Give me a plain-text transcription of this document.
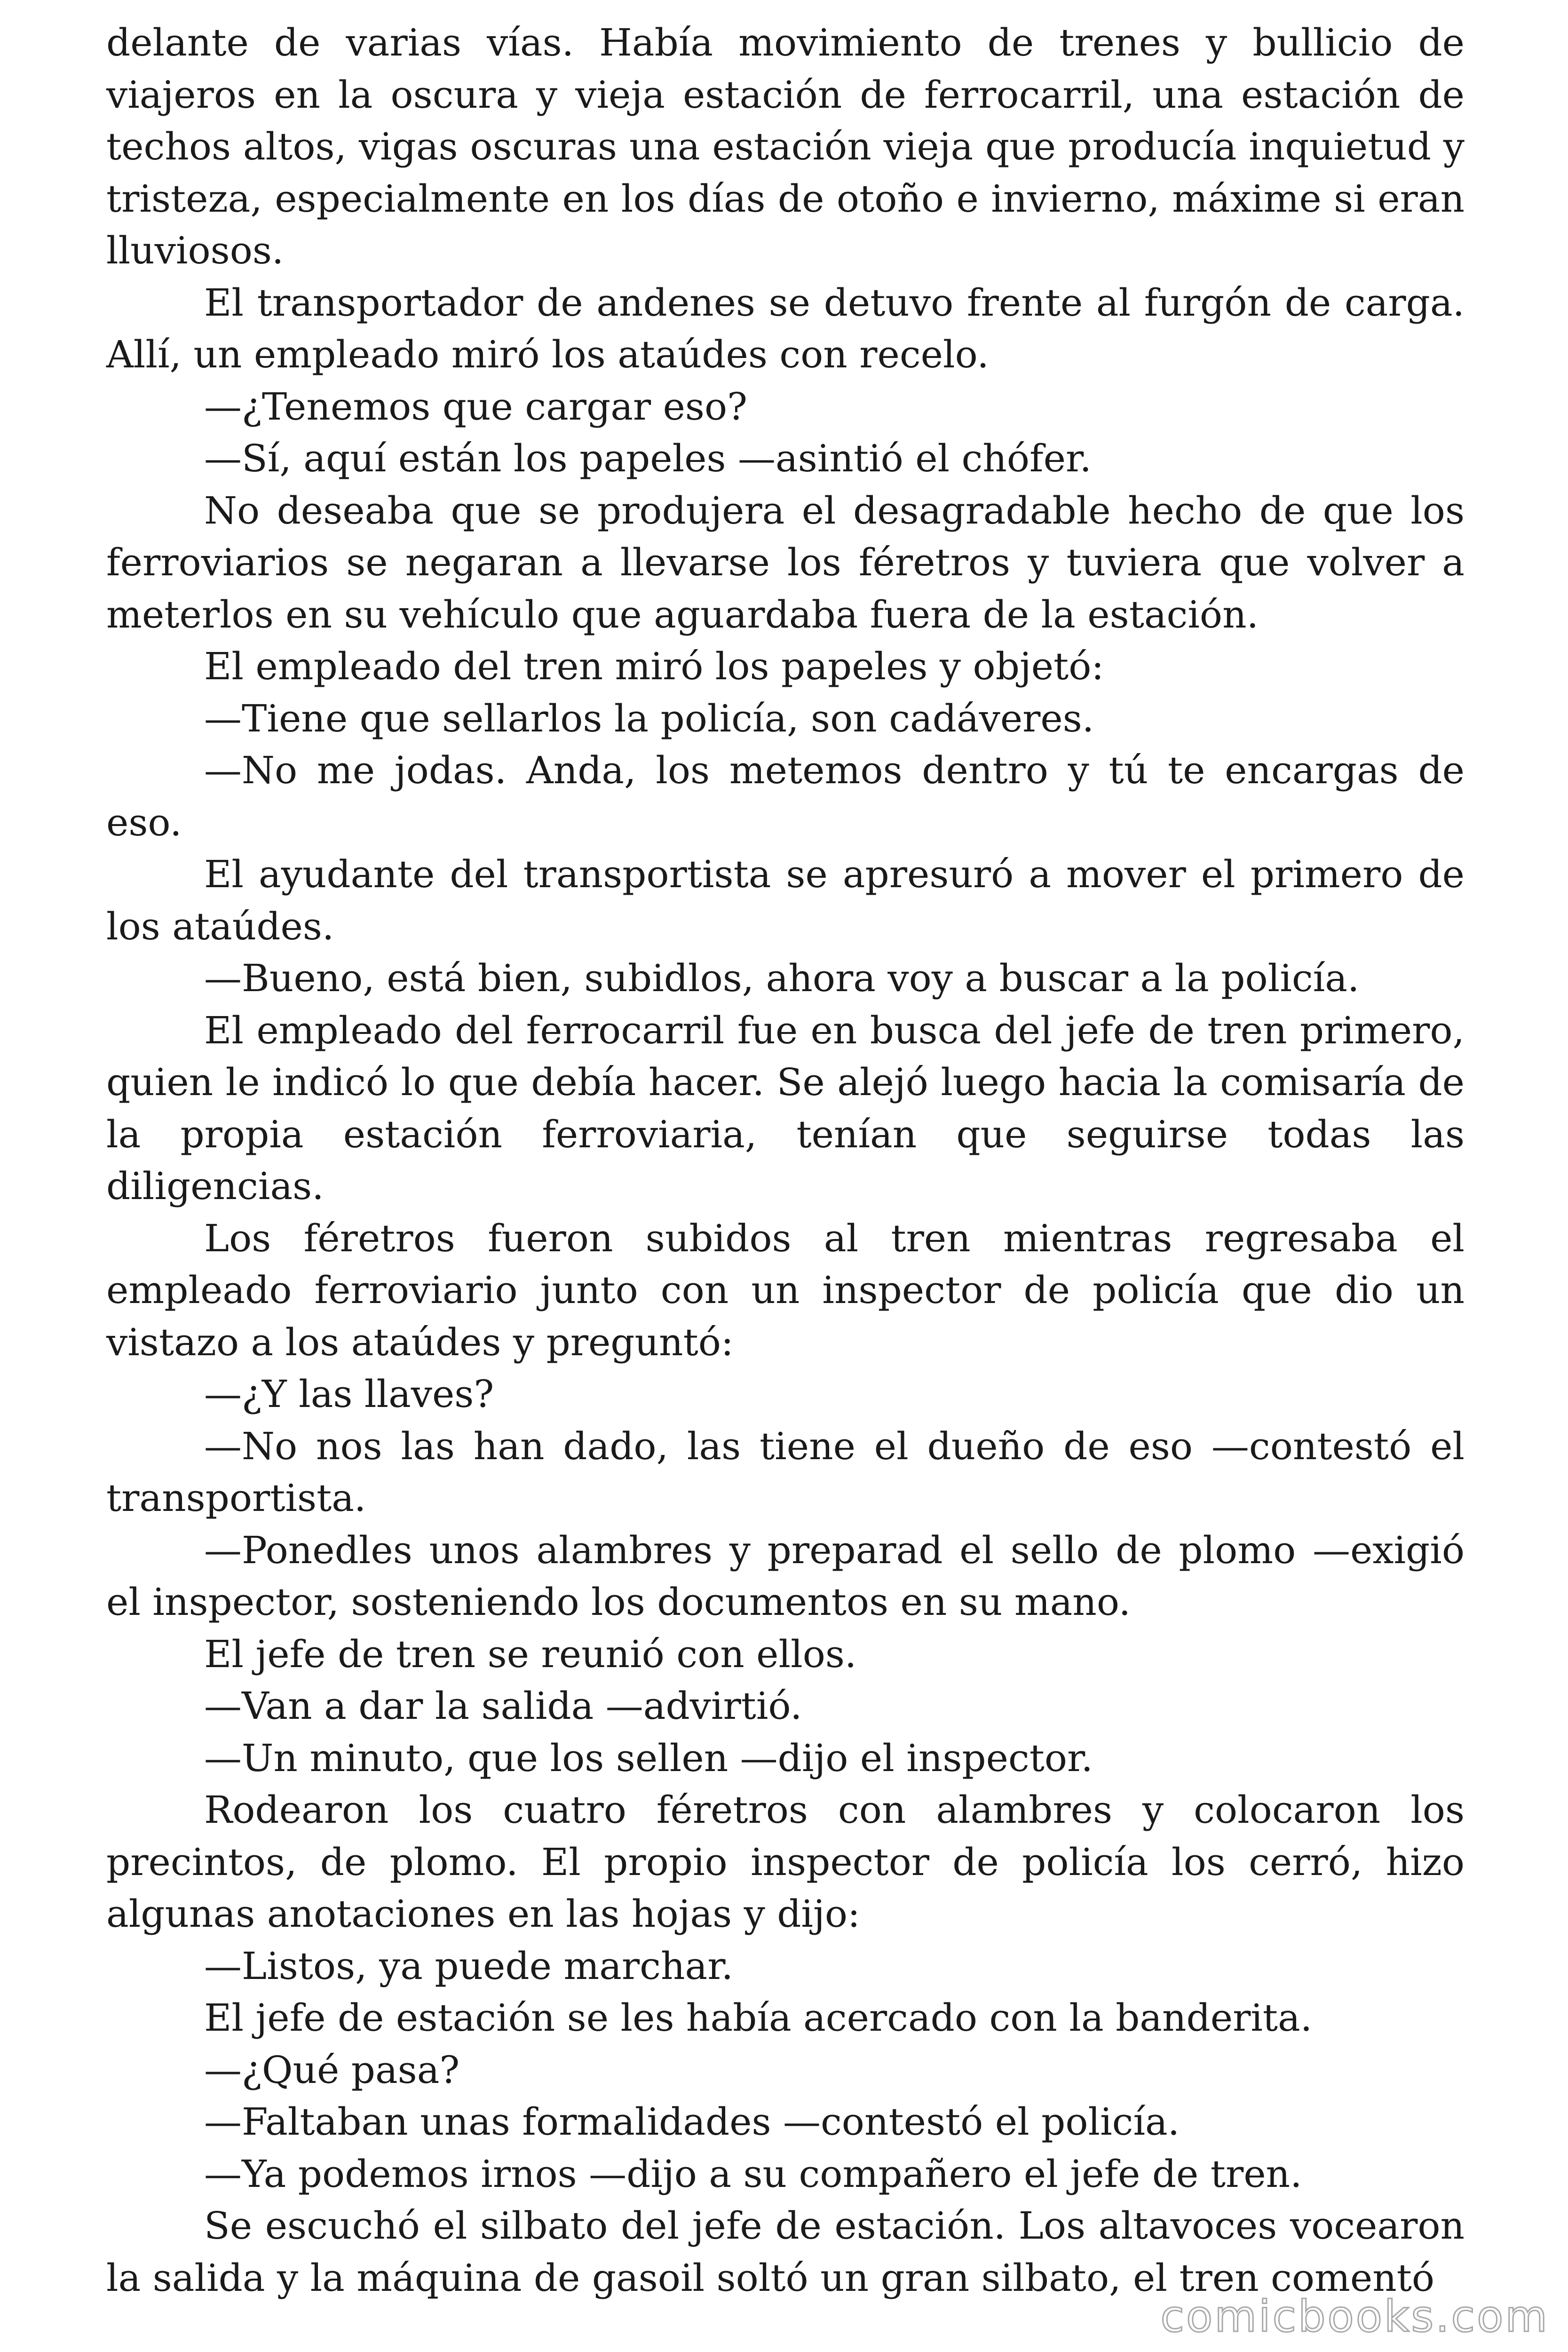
delante de varias vías. Había movimiento de trenes y bullicio de viajeros en la oscura y vieja estación de ferrocarril, una estación de techos altos, vigas oscuras una estación vieja que producía inquietud y tristeza, especialmente en los días de otoño e invierno, máxime si eran lluviosos.

El transportador de andenes se detuvo frente al furgón de carga. Allí, un empleado miró los ataúdes con recelo.

—¿Tenemos que cargar eso?

—Sí, aquí están los papeles —asintió el chófer.

No deseaba que se produjera el desagradable hecho de que los ferroviarios se negaran a llevarse los féretros y tuviera que volver a meterlos en su vehículo que aguardaba fuera de la estación.

El empleado del tren miró los papeles y objetó:

—Tiene que sellarlos la policía, son cadáveres.

—No me jodas. Anda, los metemos dentro y tú te encargas de eso.

El ayudante del transportista se apresuró a mover el primero de los ataúdes.

—Bueno, está bien, subidlos, ahora voy a buscar a la policía.

El empleado del ferrocarril fue en busca del jefe de tren primero, quien le indicó lo que debía hacer. Se alejó luego hacia la comisaría de la propia estación ferroviaria, tenían que seguirse todas las diligencias.

Los féretros fueron subidos al tren mientras regresaba el empleado ferroviario junto con un inspector de policía que dio un vistazo a los ataúdes y preguntó:

—¿Y las llaves?

—No nos las han dado, las tiene el dueño de eso —contestó el transportista.

—Ponedles unos alambres y preparad el sello de plomo —exigió el inspector, sosteniendo los documentos en su mano.

El jefe de tren se reunió con ellos.

—Van a dar la salida —advirtió.

—Un minuto, que los sellen —dijo el inspector.

Rodearon los cuatro féretros con alambres y colocaron los precintos, de plomo. El propio inspector de policía los cerró, hizo algunas anotaciones en las hojas y dijo:

—Listos, ya puede marchar.

El jefe de estación se les había acercado con la banderita.

—¿Qué pasa?

—Faltaban unas formalidades —contestó el policía.

—Ya podemos irnos —dijo a su compañero el jefe de tren.

Se escuchó el silbato del jefe de estación. Los altavoces vocearon la salida y la máquina de gasoil soltó un gran silbato, el tren comentó

comicbooks.com
